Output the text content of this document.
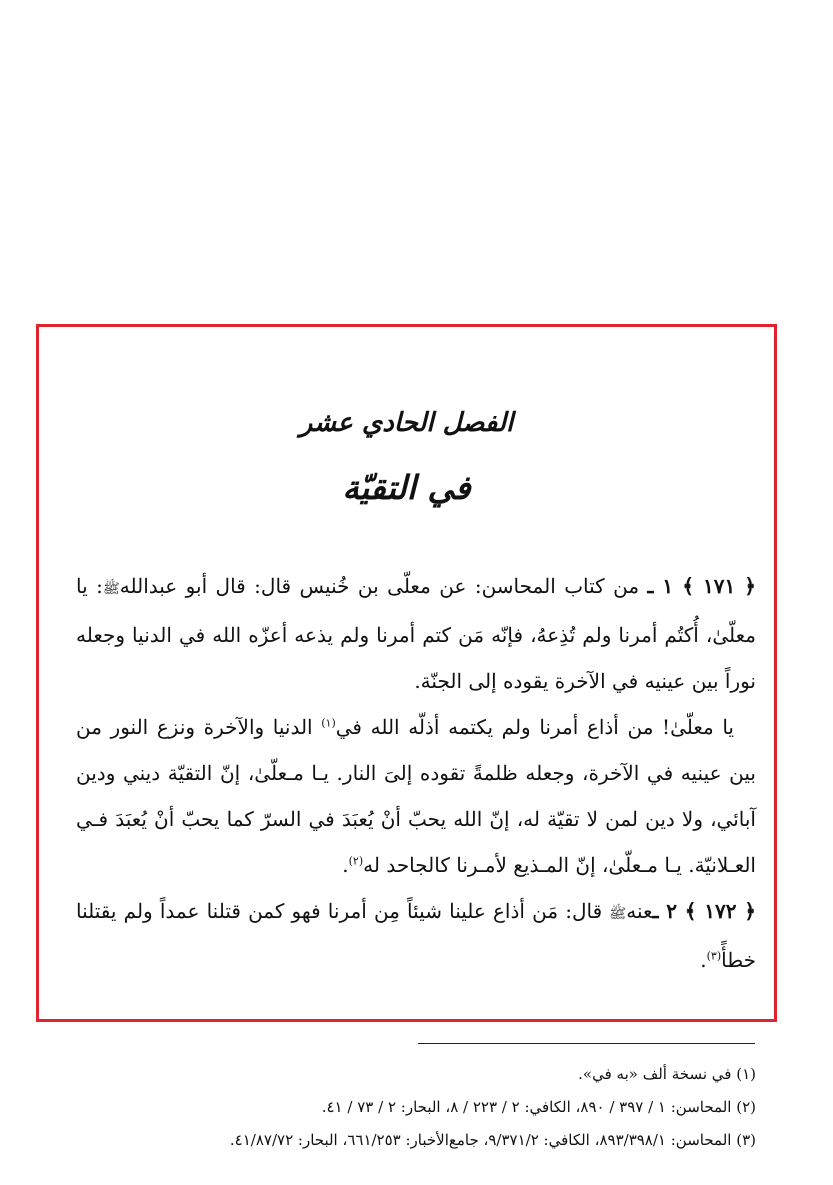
الفصل الحادي عشر
في التقيّة

﴿ ١٧١ ﴾ ١ ـ من كتاب المحاسن: عن معلّى بن خُنيس قال: قال أبو عبداللهﷺ: يا معلّىٰ، أُكتُم أمرنا ولم تُذِعهُ، فإنّه مَن كتم أمرنا ولم يذعه أعزّه الله في الدنيا وجعله نوراً بين عينيه في الآخرة يقوده إلى الجنّة.

يا معلّىٰ! من أذاع أمرنا ولم يكتمه أذلّه الله في$^{(١)}$ الدنيا والآخرة ونزع النور من بين عينيه في الآخرة، وجعله ظلمةً تقوده إلىَ النار. يـا مـعلّىٰ، إنّ التقيّة ديني ودين آبائي، ولا دين لمن لا تقيّة له، إنّ الله يحبّ أنْ يُعبَدَ في السرّ كما يحبّ أنْ يُعبَدَ فـي العـلانيّة. يـا مـعلّىٰ، إنّ المـذيع لأمـرنا كالجاحد له$^{(٢)}$.

﴿ ١٧٢ ﴾ ٢ ـعنهﷺ قال: مَن أذاع علينا شيئاً مِن أمرنا فهو كمن قتلنا عمداً ولم يقتلنا خطأً$^{(٣)}$.

(١) في نسخة ألف «به في».

(٢) المحاسن: ١ / ٣٩٧ / ٨٩٠، الكافي: ٢ / ٢٢٣ / ٨، البحار: ٢ / ٧٣ / ٤١.

(٣) المحاسن: ٨٩٣/٣٩٨/١، الكافي: ٩/٣٧١/٢، جامع‌الأخبار: ٦٦١/٢٥٣، البحار: ٤١/٨٧/٧٢.
